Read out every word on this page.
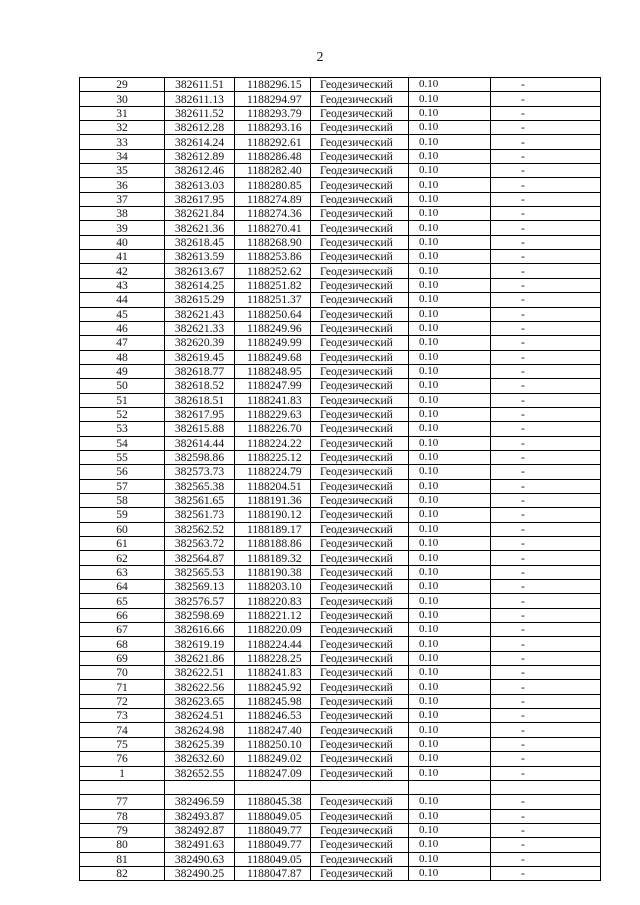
2
29	382611.51	1188296.15	Геодезический	0.10	-
30	382611.13	1188294.97	Геодезический	0.10	-
31	382611.52	1188293.79	Геодезический	0.10	-
32	382612.28	1188293.16	Геодезический	0.10	-
33	382614.24	1188292.61	Геодезический	0.10	-
34	382612.89	1188286.48	Геодезический	0.10	-
35	382612.46	1188282.40	Геодезический	0.10	-
36	382613.03	1188280.85	Геодезический	0.10	-
37	382617.95	1188274.89	Геодезический	0.10	-
38	382621.84	1188274.36	Геодезический	0.10	-
39	382621.36	1188270.41	Геодезический	0.10	-
40	382618.45	1188268.90	Геодезический	0.10	-
41	382613.59	1188253.86	Геодезический	0.10	-
42	382613.67	1188252.62	Геодезический	0.10	-
43	382614.25	1188251.82	Геодезический	0.10	-
44	382615.29	1188251.37	Геодезический	0.10	-
45	382621.43	1188250.64	Геодезический	0.10	-
46	382621.33	1188249.96	Геодезический	0.10	-
47	382620.39	1188249.99	Геодезический	0.10	-
48	382619.45	1188249.68	Геодезический	0.10	-
49	382618.77	1188248.95	Геодезический	0.10	-
50	382618.52	1188247.99	Геодезический	0.10	-
51	382618.51	1188241.83	Геодезический	0.10	-
52	382617.95	1188229.63	Геодезический	0.10	-
53	382615.88	1188226.70	Геодезический	0.10	-
54	382614.44	1188224.22	Геодезический	0.10	-
55	382598.86	1188225.12	Геодезический	0.10	-
56	382573.73	1188224.79	Геодезический	0.10	-
57	382565.38	1188204.51	Геодезический	0.10	-
58	382561.65	1188191.36	Геодезический	0.10	-
59	382561.73	1188190.12	Геодезический	0.10	-
60	382562.52	1188189.17	Геодезический	0.10	-
61	382563.72	1188188.86	Геодезический	0.10	-
62	382564.87	1188189.32	Геодезический	0.10	-
63	382565.53	1188190.38	Геодезический	0.10	-
64	382569.13	1188203.10	Геодезический	0.10	-
65	382576.57	1188220.83	Геодезический	0.10	-
66	382598.69	1188221.12	Геодезический	0.10	-
67	382616.66	1188220.09	Геодезический	0.10	-
68	382619.19	1188224.44	Геодезический	0.10	-
69	382621.86	1188228.25	Геодезический	0.10	-
70	382622.51	1188241.83	Геодезический	0.10	-
71	382622.56	1188245.92	Геодезический	0.10	-
72	382623.65	1188245.98	Геодезический	0.10	-
73	382624.51	1188246.53	Геодезический	0.10	-
74	382624.98	1188247.40	Геодезический	0.10	-
75	382625.39	1188250.10	Геодезический	0.10	-
76	382632.60	1188249.02	Геодезический	0.10	-
1	382652.55	1188247.09	Геодезический	0.10	-

77	382496.59	1188045.38	Геодезический	0.10	-
78	382493.87	1188049.05	Геодезический	0.10	-
79	382492.87	1188049.77	Геодезический	0.10	-
80	382491.63	1188049.77	Геодезический	0.10	-
81	382490.63	1188049.05	Геодезический	0.10	-
82	382490.25	1188047.87	Геодезический	0.10	-
